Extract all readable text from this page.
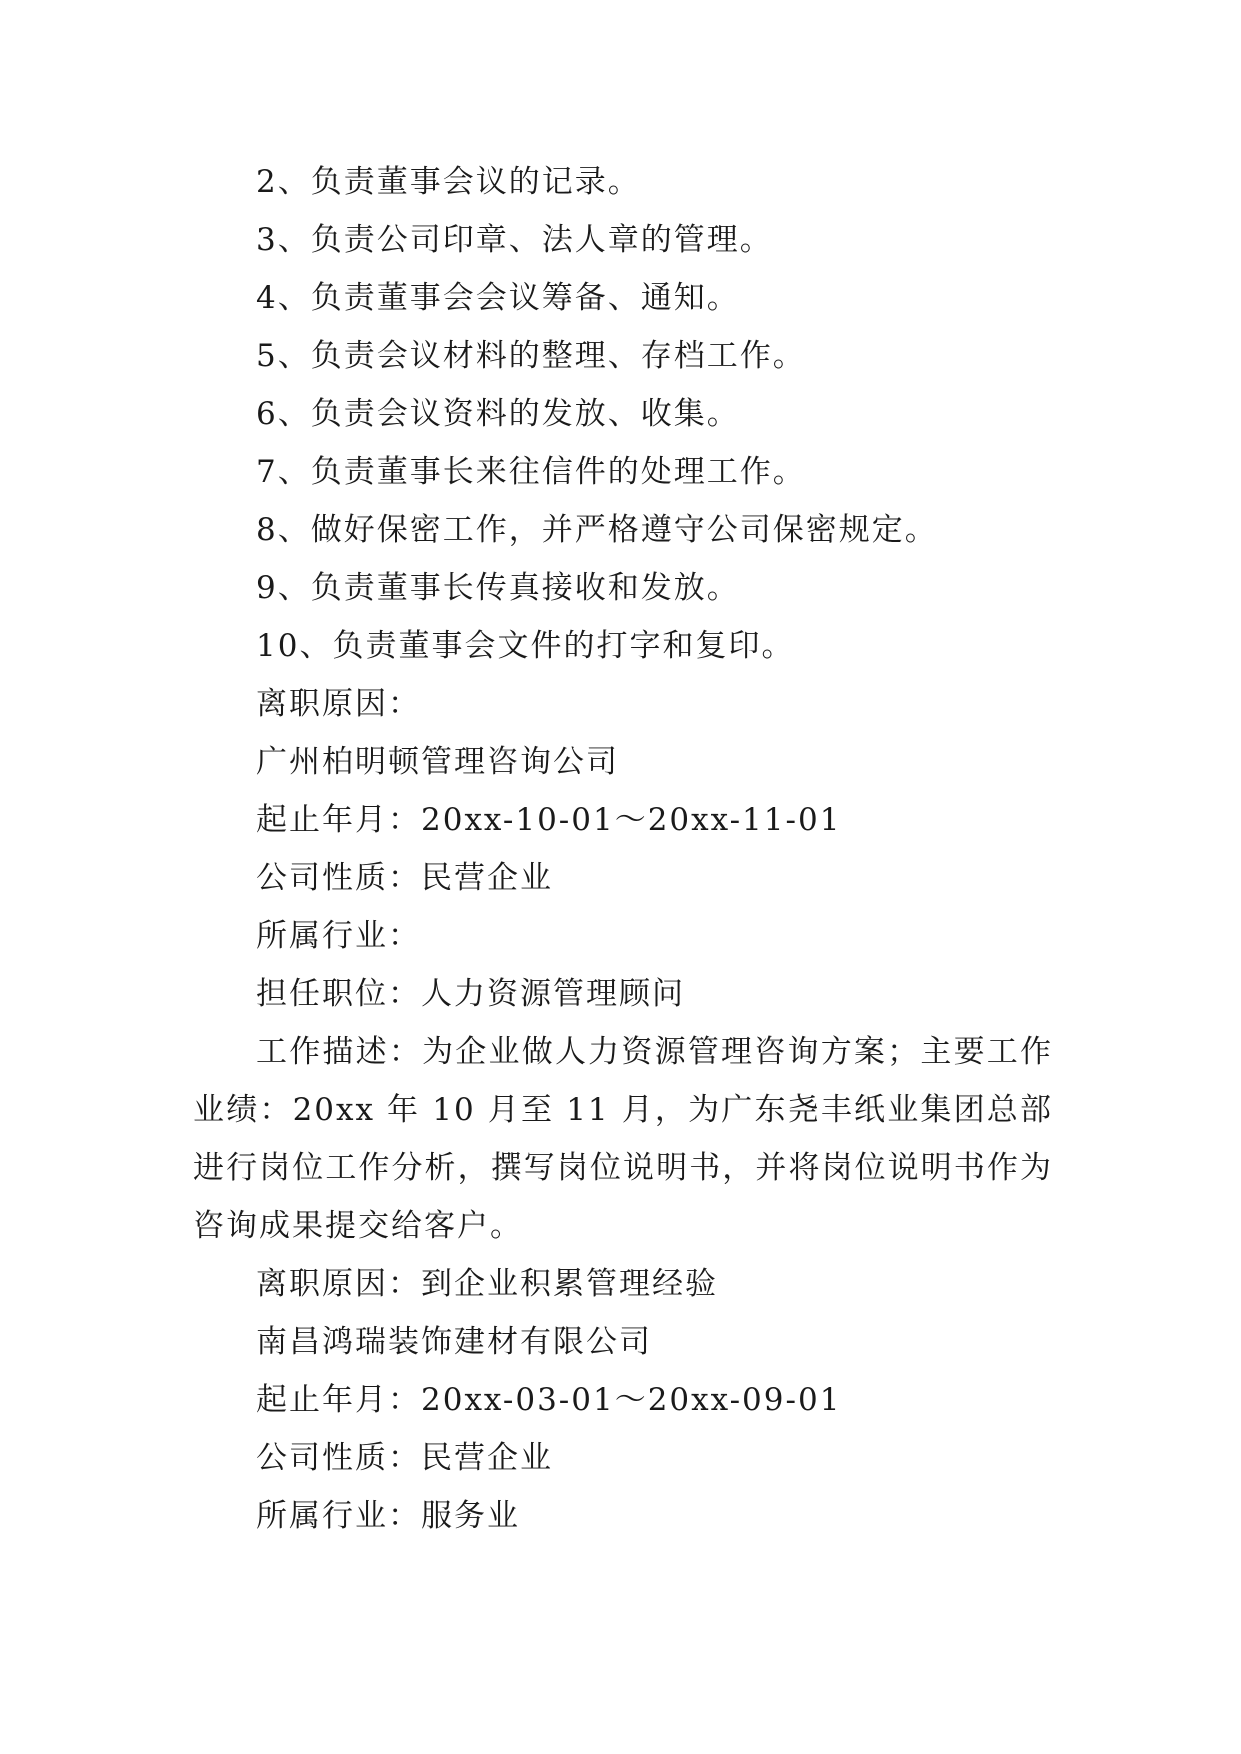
2、负责董事会议的记录。
3、负责公司印章、法人章的管理。
4、负责董事会会议筹备、通知。
5、负责会议材料的整理、存档工作。
6、负责会议资料的发放、收集。
7、负责董事长来往信件的处理工作。
8、做好保密工作，并严格遵守公司保密规定。
9、负责董事长传真接收和发放。
10、负责董事会文件的打字和复印。
离职原因：
广州柏明顿管理咨询公司
起止年月：20xx-10-01～20xx-11-01
公司性质：民营企业
所属行业：
担任职位：人力资源管理顾问
工作描述：为企业做人力资源管理咨询方案；主要工作业绩：20xx 年 10 月至 11 月，为广东尧丰纸业集团总部进行岗位工作分析，撰写岗位说明书，并将岗位说明书作为咨询成果提交给客户。
离职原因：到企业积累管理经验
南昌鸿瑞装饰建材有限公司
起止年月：20xx-03-01～20xx-09-01
公司性质：民营企业
所属行业：服务业
